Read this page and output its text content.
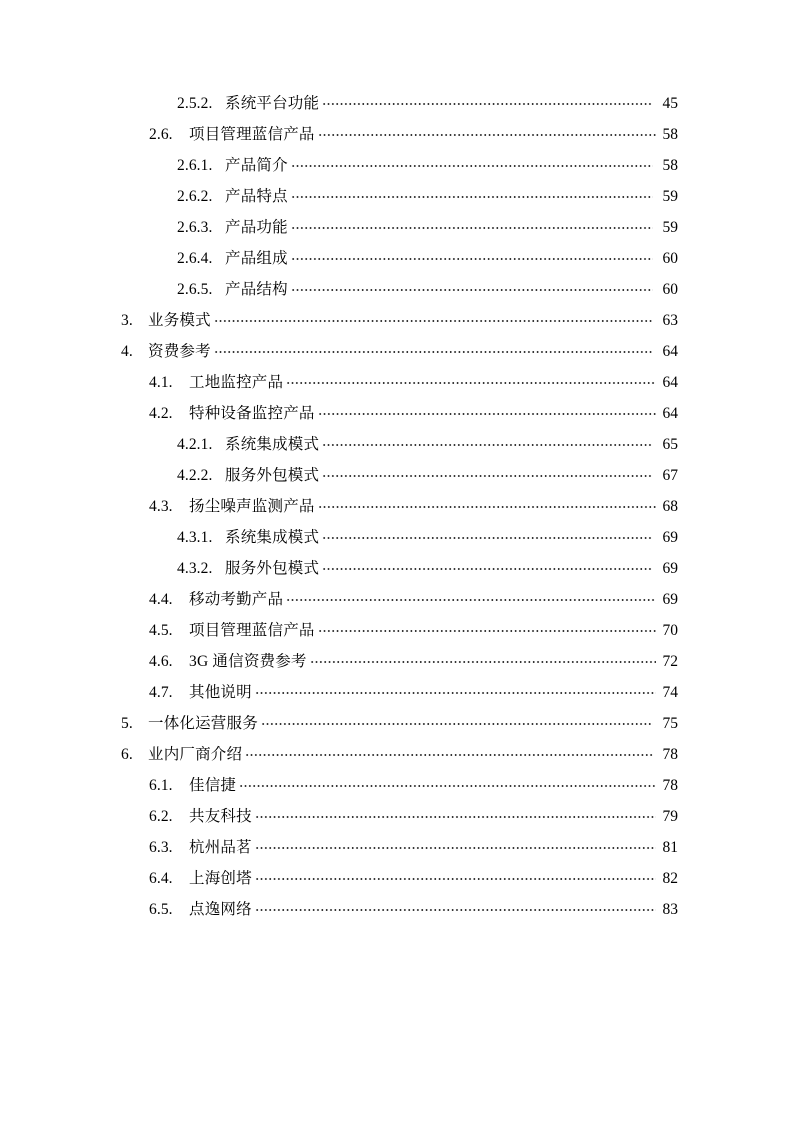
2.5.2. 系统平台功能	45
2.6.	项目管理蓝信产品	58
2.6.1. 产品简介	58
2.6.2. 产品特点	59
2.6.3. 产品功能	59
2.6.4. 产品组成	60
2.6.5. 产品结构	60
3. 业务模式	63
4. 资费参考	64
4.1.	工地监控产品	64
4.2.	特种设备监控产品	64
4.2.1. 系统集成模式	65
4.2.2. 服务外包模式	67
4.3.	扬尘噪声监测产品	68
4.3.1. 系统集成模式	69
4.3.2. 服务外包模式	69
4.4.	移动考勤产品	69
4.5.	项目管理蓝信产品	70
4.6.	3G 通信资费参考	72
4.7.	其他说明	74
5. 一体化运营服务	75
6. 业内厂商介绍	78
6.1.	佳信捷	78
6.2.	共友科技	79
6.3.	杭州品茗	81
6.4.	上海创塔	82
6.5.	点逸网络	83
